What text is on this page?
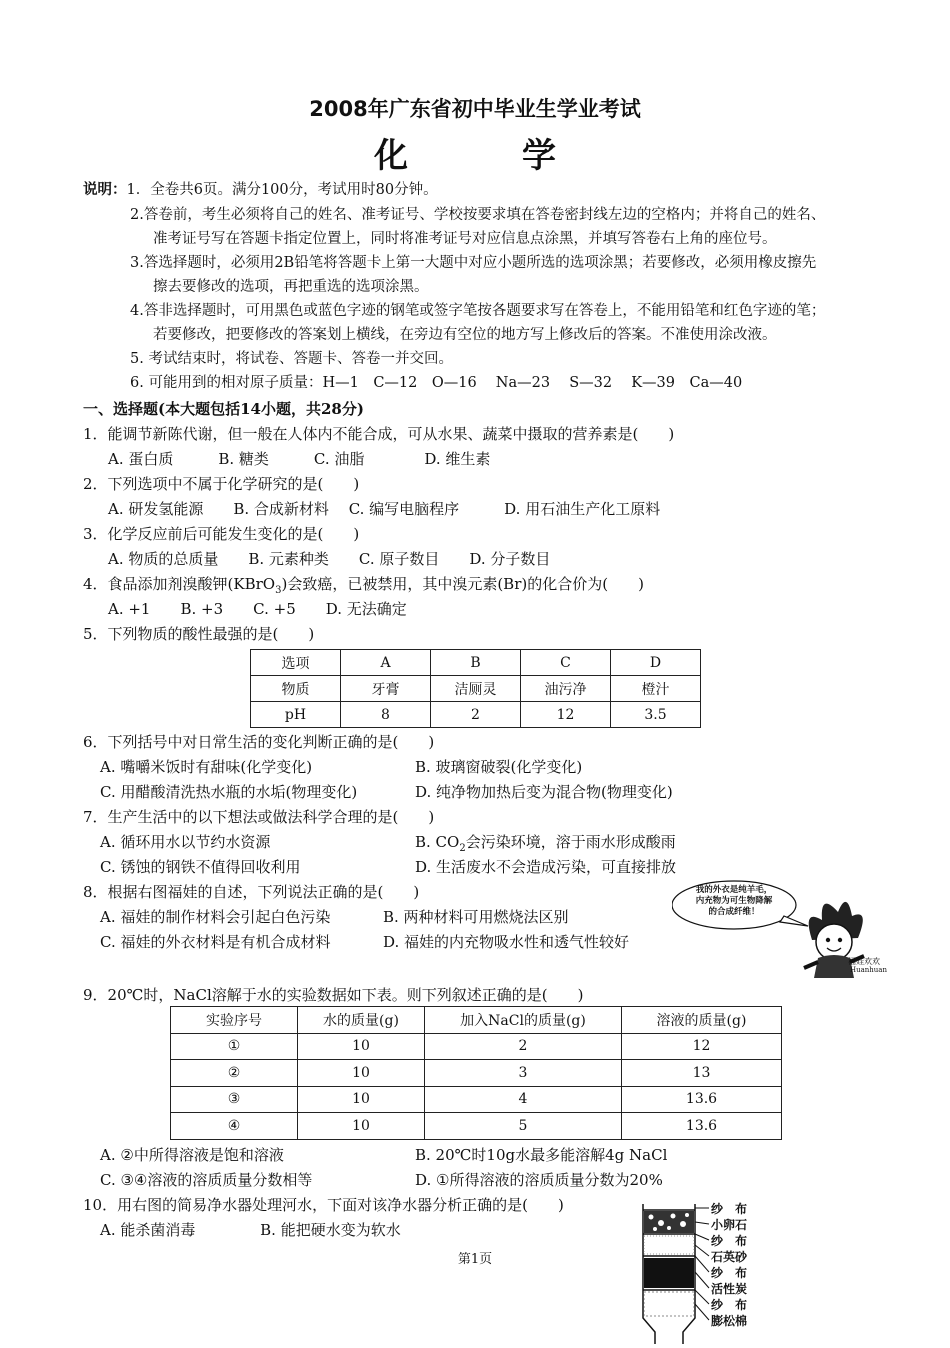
2008年广东省初中毕业生学业考试
化　学
说明：1．全卷共6页。满分100分，考试用时80分钟。
2.答卷前，考生必须将自己的姓名、准考证号、学校按要求填在答卷密封线左边的空格内；并将自己的姓名、
准考证号写在答题卡指定位置上，同时将准考证号对应信息点涂黑，并填写答卷右上角的座位号。
3.答选择题时，必须用2B铅笔将答题卡上第一大题中对应小题所选的选项涂黑；若要修改，必须用橡皮擦先
擦去要修改的选项，再把重选的选项涂黑。
4.答非选择题时，可用黑色或蓝色字迹的钢笔或签字笔按各题要求写在答卷上，不能用铅笔和红色字迹的笔；
若要修改，把要修改的答案划上横线，在旁边有空位的地方写上修改后的答案。不准使用涂改液。
5. 考试结束时，将试卷、答题卡、答卷一并交回。
6. 可能用到的相对原子质量：H—1　C—12　O—16　 Na—23　 S—32　 K—39　Ca—40
一、选择题(本大题包括14小题，共28分)
1．能调节新陈代谢，但一般在人体内不能合成，可从水果、蔬菜中摄取的营养素是(　　)
A. 蛋白质　　　B. 糖类　　　C. 油脂　　　　D. 维生素
2．下列选项中不属于化学研究的是(　　)
A. 研发氢能源　　B. 合成新材料　 C. 编写电脑程序　　　D. 用石油生产化工原料
3．化学反应前后可能发生变化的是(　　)
A. 物质的总质量　　B. 元素种类　　C. 原子数目　　D. 分子数目
4．食品添加剂溴酸钾(KBrO$_3$)会致癌，已被禁用，其中溴元素(Br)的化合价为(　　)
A. +1　　B. +3　　C. +5　　D. 无法确定
5．下列物质的酸性最强的是(　　)
选项	A	B	C	D
物质	牙膏	洁厕灵	油污净	橙汁
pH	8	2	12	3.5
6．下列括号中对日常生活的变化判断正确的是(　　)
A. 嘴嚼米饭时有甜味(化学变化)	B. 玻璃窗破裂(化学变化)
C. 用醋酸清洗热水瓶的水垢(物理变化)	D. 纯净物加热后变为混合物(物理变化)
7．生产生活中的以下想法或做法科学合理的是(　　)
A. 循环用水以节约水资源	B. $CO_2$会污染环境，溶于雨水形成酸雨
C. 锈蚀的钢铁不值得回收利用	D. 生活废水不会造成污染，可直接排放
8．根据右图福娃的自述，下列说法正确的是(　　)
A. 福娃的制作材料会引起白色污染	B. 两种材料可用燃烧法区别
C. 福娃的外衣材料是有机合成材料	D. 福娃的内充物吸水性和透气性较好
我的外衣是纯羊毛，
内充物为可生物降解
的合成纤维！
福娃欢欢
Huanhuan
9．20℃时，NaCl溶解于水的实验数据如下表。则下列叙述正确的是(　　)
实验序号	水的质量(g)	加入NaCl的质量(g)	溶液的质量(g)
①	10	2	12
②	10	3	13
③	10	4	13.6
④	10	5	13.6
A. ②中所得溶液是饱和溶液	B. 20℃时10g水最多能溶解4g NaCl
C. ③④溶液的溶质质量分数相等	D. ①所得溶液的溶质质量分数为20%
10．用右图的简易净水器处理河水，下面对该净水器分析正确的是(　　)
A. 能杀菌消毒　　　　 B. 能把硬水变为软水
纱　布
小卵石
纱　布
石英砂
纱　布
活性炭
纱　布
膨松棉
第1页
